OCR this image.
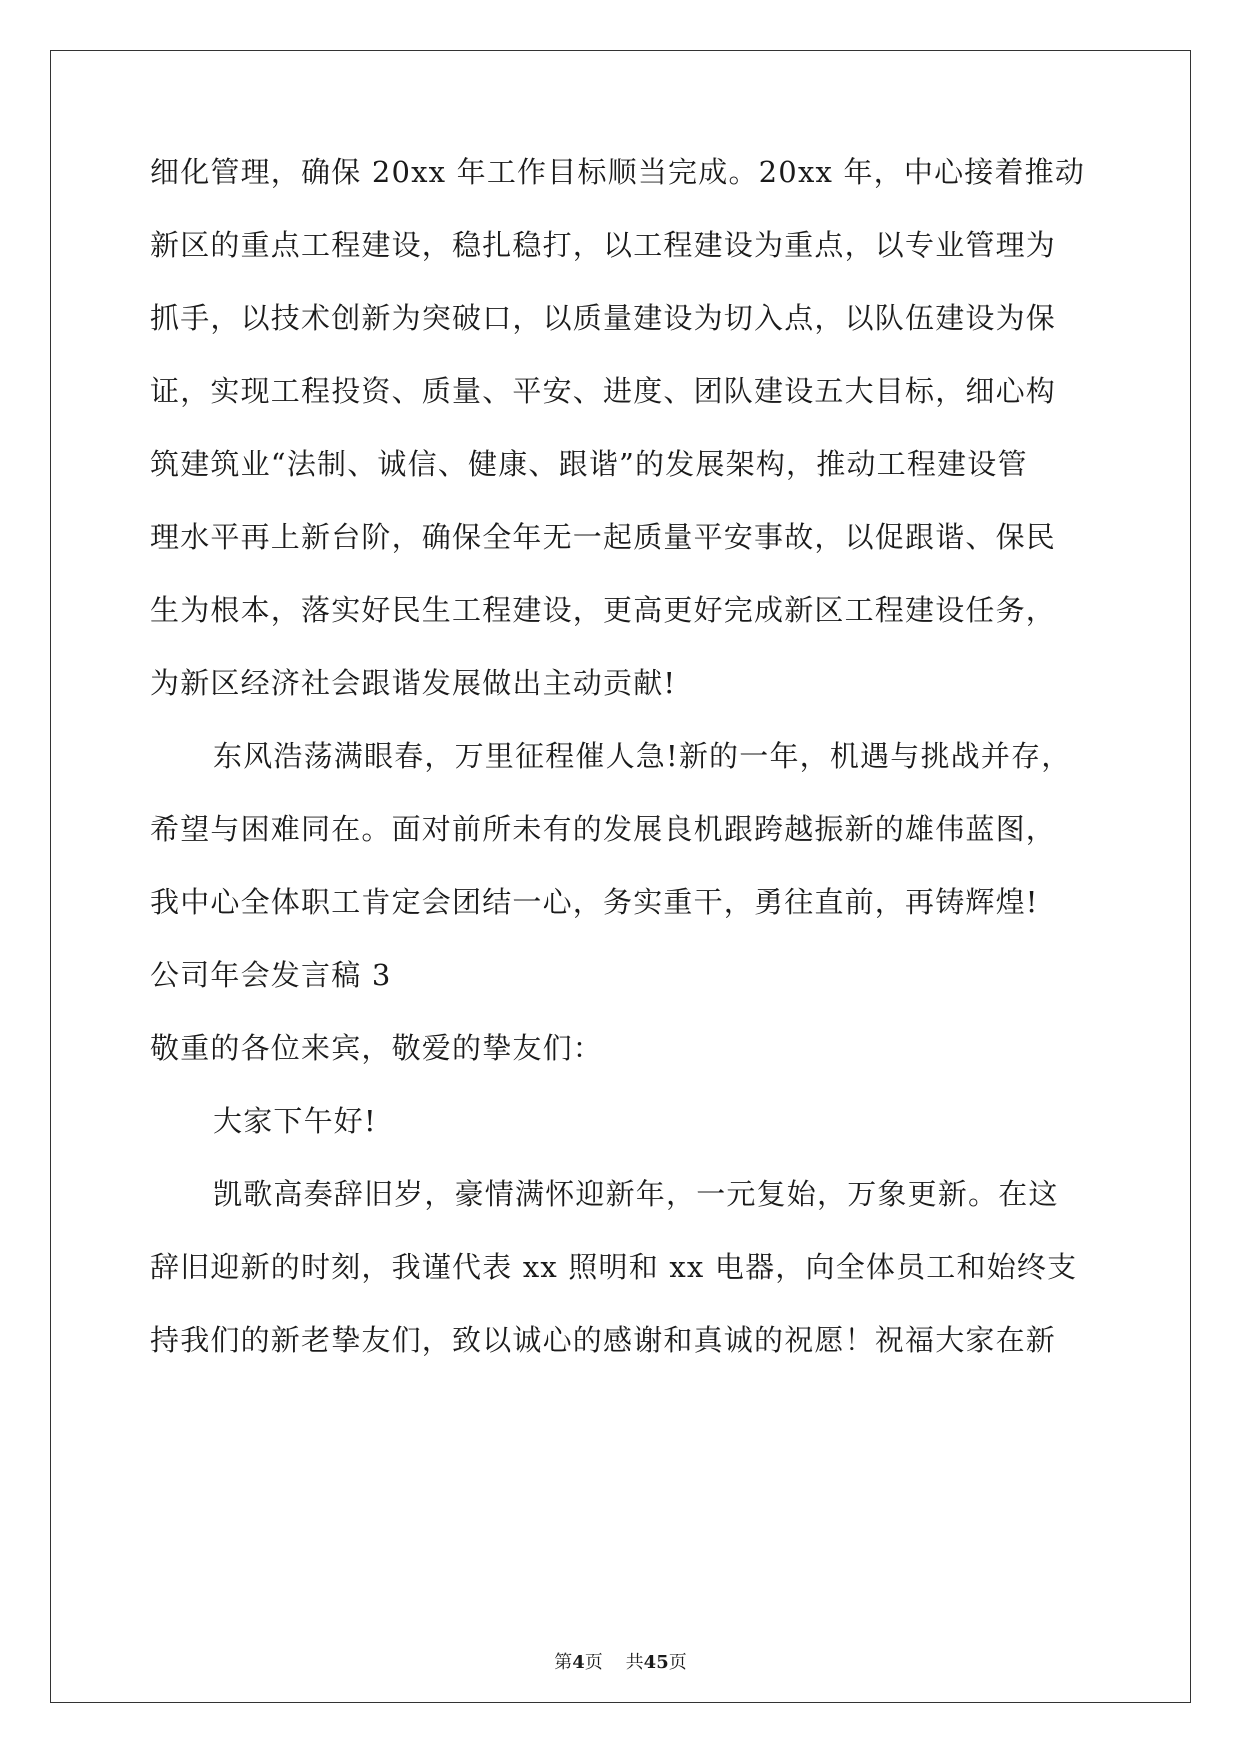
细化管理，确保 20xx 年工作目标顺当完成。20xx 年，中心接着推动
新区的重点工程建设，稳扎稳打，以工程建设为重点，以专业管理为
抓手，以技术创新为突破口，以质量建设为切入点，以队伍建设为保
证，实现工程投资、质量、平安、进度、团队建设五大目标，细心构
筑建筑业“法制、诚信、健康、跟谐”的发展架构，推动工程建设管
理水平再上新台阶，确保全年无一起质量平安事故，以促跟谐、保民
生为根本，落实好民生工程建设，更高更好完成新区工程建设任务，
为新区经济社会跟谐发展做出主动贡献!
东风浩荡满眼春，万里征程催人急!新的一年，机遇与挑战并存，
希望与困难同在。面对前所未有的发展良机跟跨越振新的雄伟蓝图，
我中心全体职工肯定会团结一心，务实重干，勇往直前，再铸辉煌!
公司年会发言稿 3
敬重的各位来宾，敬爱的挚友们：
大家下午好!
凯歌高奏辞旧岁，豪情满怀迎新年，一元复始，万象更新。在这
辞旧迎新的时刻，我谨代表 xx 照明和 xx 电器，向全体员工和始终支
持我们的新老挚友们，致以诚心的感谢和真诚的祝愿！祝福大家在新
第4页 共45页
